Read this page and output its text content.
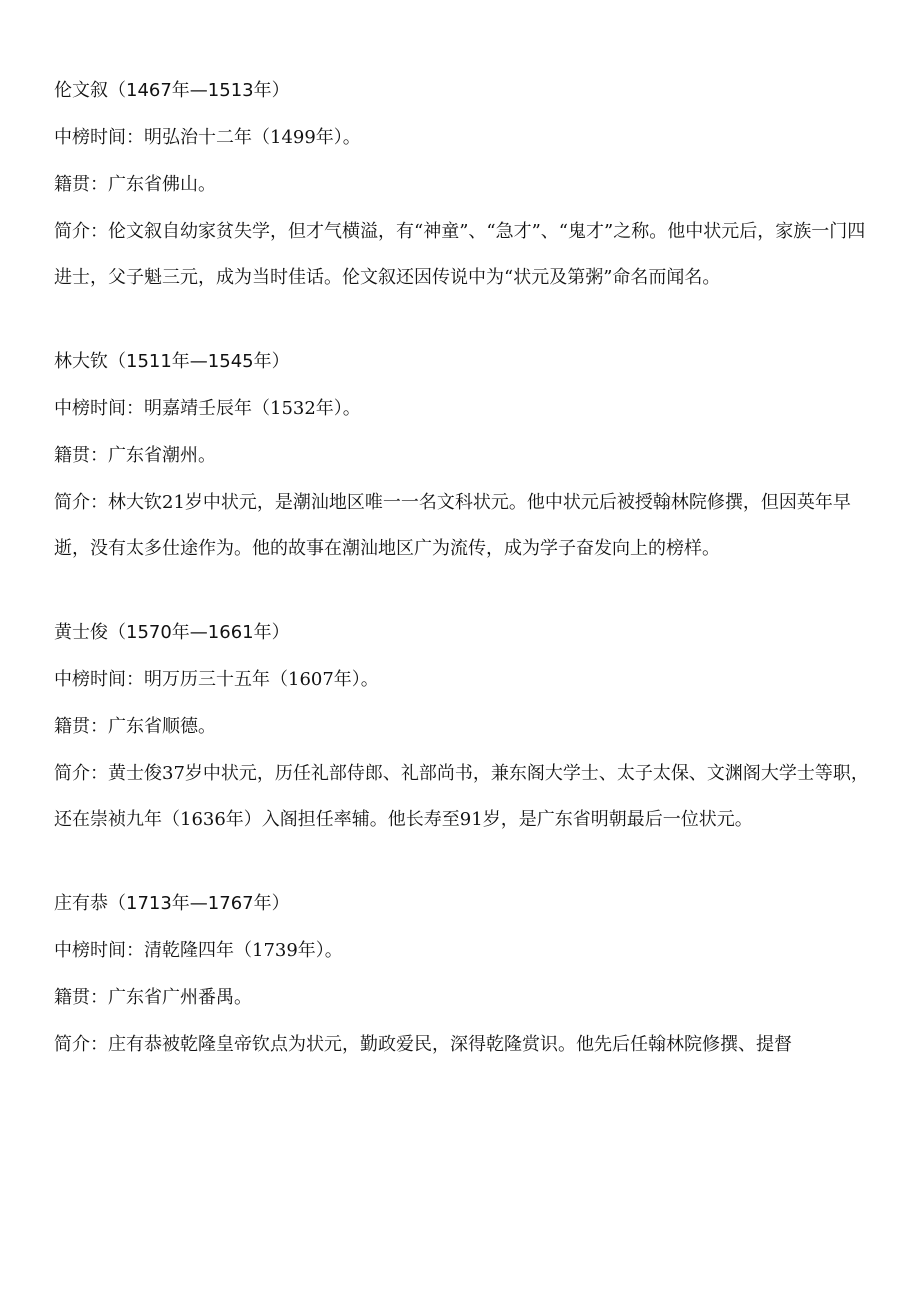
伦文叙（1467年—1513年）

中榜时间：明弘治十二年（1499年）。

籍贯：广东省佛山。

简介：伦文叙自幼家贫失学，但才气横溢，有“神童”、“急才”、“鬼才”之称。他中状元后，家族一门四进士，父子魁三元，成为当时佳话。伦文叙还因传说中为“状元及第粥”命名而闻名。

林大钦（1511年—1545年）

中榜时间：明嘉靖壬辰年（1532年）。

籍贯：广东省潮州。

简介：林大钦21岁中状元，是潮汕地区唯一一名文科状元。他中状元后被授翰林院修撰，但因英年早逝，没有太多仕途作为。他的故事在潮汕地区广为流传，成为学子奋发向上的榜样。

黄士俊（1570年—1661年）

中榜时间：明万历三十五年（1607年）。

籍贯：广东省顺德。

简介：黄士俊37岁中状元，历任礼部侍郎、礼部尚书，兼东阁大学士、太子太保、文渊阁大学士等职，还在崇祯九年（1636年）入阁担任率辅。他长寿至91岁，是广东省明朝最后一位状元。

庄有恭（1713年—1767年）

中榜时间：清乾隆四年（1739年）。

籍贯：广东省广州番禺。

简介：庄有恭被乾隆皇帝钦点为状元，勤政爱民，深得乾隆赏识。他先后任翰林院修撰、提督
